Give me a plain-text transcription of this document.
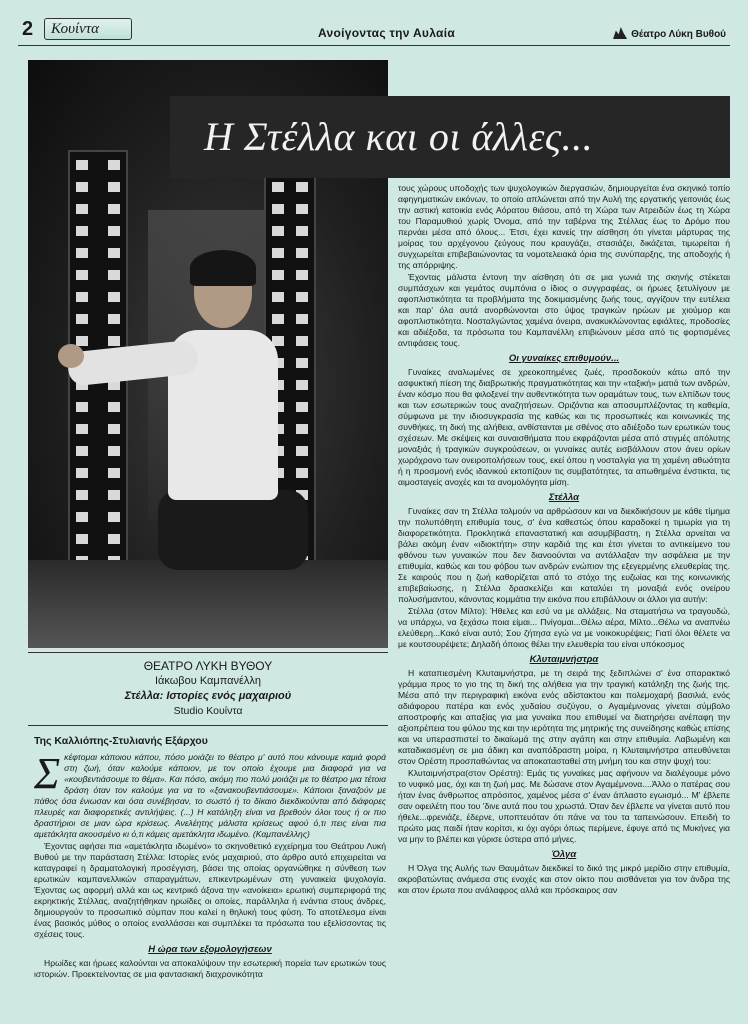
2	Κουίντα	Ανοίγοντας την Αυλαία	Θέατρο Λύκη Βυθού
Η Στέλλα και οι άλλες...
ΘΕΑΤΡΟ ΛΥΚΗ ΒΥΘΟΥ
Ιάκωβου Καμπανέλλη
Στέλλα: Ιστορίες ενός μαχαιριού
Studio Κουίντα
Της Καλλιόπης-Στυλιανής Εξάρχου

Σκέφτομαι κάποιου κάπου, πόσο μοιάζει το θέατρο μ' αυτό που κάνουμε καμιά φορά στη ζωή, όταν καλούμε κάποιον, με τον οποίο έχουμε μια διαφορά για να «κουβεντιάσουμε το θέμα». Και πόσο, ακόμη πιο πολύ μοιάζει με το θέατρο μια τέτοια δράση όταν τον καλούμε για να το «ξανακουβεντιάσουμε». Κάποιοι ξαναζούν με πάθος όσα ένιωσαν και όσα συνέβησαν, το σωστό ή το δίκαιο διεκδικούνται από διάφορες πλευρές και διαφορετικές αντιλήψεις. (...) Η κατάληξη είναι να βρεθούν όλοι τους ή οι πιο δραστήριοι σε μιαν ώρα κρίσεως. Ανελέητης μάλιστα κρίσεως αφού ό,τι πεις είναι πια αμετάκλητα ακουσμένο κι ό,τι κάμεις αμετάκλητα ιδωμένο. (Καμπανέλλης)

Έχοντας αφήσει πια «αμετάκλητα ιδωμένο» το σκηνοθετικό εγχείρημα του Θεάτρου Λυκή Βυθού με την παράσταση Στέλλα: Ιστορίες ενός μαχαιριού, στο άρθρο αυτό επιχειρείται να καταγραφεί η δραματολογική προσέγγιση, βάσει της οποίας οργανώθηκε η σύνθεση των ερωτικών καμπανελλικών σπαραγμάτων, επικεντρωμένων στη γυναικεία ψυχολογία. Έχοντας ως αφορμή αλλά και ως κεντρικό άξονα την «ανοίκεια» ερωτική συμπεριφορά της εκρηκτικής Στέλλας, αναζητήθηκαν ηρωίδες οι οποίες, παράλληλα ή ενάντια στους άνδρες, δημιουργούν το προσωπικό σύμπαν που καλεί η θηλυκή τους φύση. Το αποτέλεσμα είναι ένας βασικός μύθος ο οποίος εναλλάσσει και συμπλέκει τα πρόσωπα του εξελίσσοντας τις σχέσεις τους.

Η ώρα των εξομολογήσεων

Ηρωίδες και ήρωες καλούνται να αποκαλύψουν την εσωτερική πορεία των ερωτικών τους ιστοριών. Προεκτείνοντας σε μια φαντασιακή διαχρονικότητα

τους χώρους υποδοχής των ψυχολογικών διεργασιών, δημιουργείται ένα σκηνικό τοπίο αφηγηματικών εικόνων, το οποίο απλώνεται από την Αυλή της εργατικής γειτονιάς έως την αστική κατοικία ενός Αόρατου θιάσου, από τη Χώρα των Ατρειδών έως τη Χώρα του Παραμυθιού χωρίς Όνομα, από την ταβέρνα της Στέλλας έως το Δρόμο που περνάει μέσα από όλους... Έτσι, έχει κανείς την αίσθηση ότι γίνεται μάρτυρας της μοίρας του αρχέγονου ζεύγους που κραυγάζει, στασιάζει, δικάζεται, τιμωρείται ή συγχωρείται επιβεβαιώνοντας τα νομοτελειακά όρια της συνύπαρξης, της αποδοχής ή της απόρριψης.

Έχοντας μάλιστα έντονη την αίσθηση ότι σε μια γωνιά της σκηνής στέκεται συμπάσχων και γεμάτος συμπόνια ο ίδιος ο συγγραφέας, οι ήρωες ξετυλίγουν με αφοπλιστικότητα τα προβλήματα της δοκιμασμένης ζωής τους, αγγίζουν την ευτέλεια και παρ' όλα αυτά ανορθώνονται στο ύψος τραγικών ηρώων με χιούμορ και αφοπλιστικότητα. Νοσταλγώντας χαμένα όνειρα, ανακυκλώνοντας εφιάλτες, προδοσίες και αδιέξοδα, τα πρόσωπα του Καμπανέλλη επιβιώνουν μέσα από τις φορτισμένες αντιφάσεις τους.

Οι γυναίκες επιθυμούν...

Γυναίκες αναλωμένες σε χρεοκοπημένες ζωές, προσδοκούν κάτω από την ασφυκτική πίεση της διαβρωτικής πραγματικότητας και την «ταξική» ματιά των ανδρών, έναν κόσμο που θα φιλοξενεί την αυθεντικότητα των οραμάτων τους, των ελπίδων τους και των εσωτερικών τους αναζητήσεων. Οριζόντια και αποσυμπλέζοντας τη καθεμία, σύμφωνα με την ιδιοσυγκρασία της καθώς και τις προσωπικές και κοινωνικές της συνθήκες, τη δική της αλήθεια, ανθίστανται με σθένος στο αδιέξοδο των ερωτικών τους σχέσεων. Με σκέψεις και συναισθήματα που εκφράζονται μέσα από στιγμές απόλυτης μοναξιάς ή τραγικών συγκρούσεων, οι γυναίκες αυτές εισβάλλουν στον άνευ ορίων χωρόχρονο των ονειροπολήσεων τους, εκεί όπου η νοσταλγία για τη χαμένη αθωότητα ή η προσμονή ενός ιδανικού εκτοπίζουν τις συμβατότητες, τα απωθημένα ένστικτα, τις αιμοσταγείς ανοχές και τα ανομολόγητα μίση.

Στέλλα

Γυναίκες σαν τη Στέλλα τολμούν να αρθρώσουν και να διεκδικήσουν με κάθε τίμημα την πολυπόθητη επιθυμία τους, σ' ένα καθεστώς όπου καραδοκεί η τιμωρία για τη διαφορετικότητα. Προκλητικά επαναστατική και ασυμβίβαστη, η Στέλλα αρνείται να βάλει ακόμη έναν «ιδιοκτήτη» στην καρδιά της και έτσι γίνεται το αντικείμενο του φθόνου των γυναικών που δεν διανοούνται να αντάλλαξαν την ασφάλεια με την επιθυμία, καθώς και του φόβου των ανδρών ενώπιον της εξεγερμένης ελευθερίας της. Σε καιρούς που η ζωή καθορίζεται από το στόχο της ευζωίας και της κοινωνικής επιβεβαίωσης, η Στέλλα δρασκελίζει και καταλύει τη μοναξιά ενός ονείρου πολυσήμαντου, κάνοντας κομμάτια την εικόνα που επιβάλλουν οι άλλοι για αυτήν:

Στέλλα (στον Μίλτο): Ήθελες και εσύ να με αλλάξεις. Να σταματήσω να τραγουδώ, να υπάρχω, να ξεχάσω ποια είμαι... Πνίγομαι...Θέλω αέρα, Μίλτο...Θέλω να αναπνέω ελεύθερη...Κακό είναι αυτό; Σου ζήτησα εγώ να με νοικοκυρέψεις; Γιατί όλοι θέλετε να με κουτσουρέψετε; Δηλαδή όποιος θέλει την ελευθερία του είναι υπόκοσμος

Κλυταιμνήστρα

Η καταπιεσμένη Κλυταιμνήστρα, με τη σειρά της ξεδιπλώνει σ' ένα σπαρακτικό γράμμα προς το γιο της τη δική της αλήθεια για την τραγική κατάληξη της ζωής της. Μέσα από την περιγραφική εικόνα ενός αδίστακτου και πολεμοχαρή βασιλιά, ενός αδιάφορου πατέρα και ενός χυδαίου συζύγου, ο Αγαμέμνονας γίνεται σύμβολο αποστροφής και απαξίας για μια γυναίκα που επιθυμεί να διατηρήσει ανέπαφη την αξιοπρέπεια του φύλου της και την ιερότητα της μητρικής της συνείδησης καθώς επίσης και να υπερασπιστεί το δικαίωμά της στην αγάπη και στην επιθυμία. Λαβωμένη και καταδικασμένη σε μια άδικη και αναπόδραστη μοίρα, η Κλυταιμνήστρα απευθύνεται στον Ορέστη προσπαθώντας να αποκατασταθεί στη μνήμη του και στην ψυχή του:

Κλυταιμνήστρα(στον Ορέστη): Εμάς τις γυναίκες μας αφήνουν να διαλέγουμε μόνο το νυφικό μας, όχι και τη ζωή μας. Με δώσανε στον Αγαμέμνονα....Άλλο ο πατέρας σου ήταν ένας άνθρωπος απρόσιτος, χαμένος μέσα σ' έναν άπλαστο εγωισμό... Μ' έβλεπε σαν οφειλέτη που του 'δινε αυτά που του χρωστά. Όταν δεν έβλεπε να γίνεται αυτό που ήθελε...φρενιάζε, έδερνε, υποπτευόταν ότι πάνε να του τα ταπεινώσουν. Επειδή το πρώτο μας παιδί ήταν κορίτσι, κι όχι αγόρι όπως περίμενε, έφυγε από τις Μυκήνες για να μην το βλέπει και γύρισε ύστερα από μήνες.

Όλγα

Η Όλγα της Αυλής των Θαυμάτων διεκδικεί το δικό της μικρό μερίδιο στην επιθυμία, ακροβατώντας ανάμεσα στις ενοχές και στον οίκτο που αισθάνεται για τον άνδρα της και στον έρωτα που ανάλαφρος αλλά και πρόσκαιρος σαν
